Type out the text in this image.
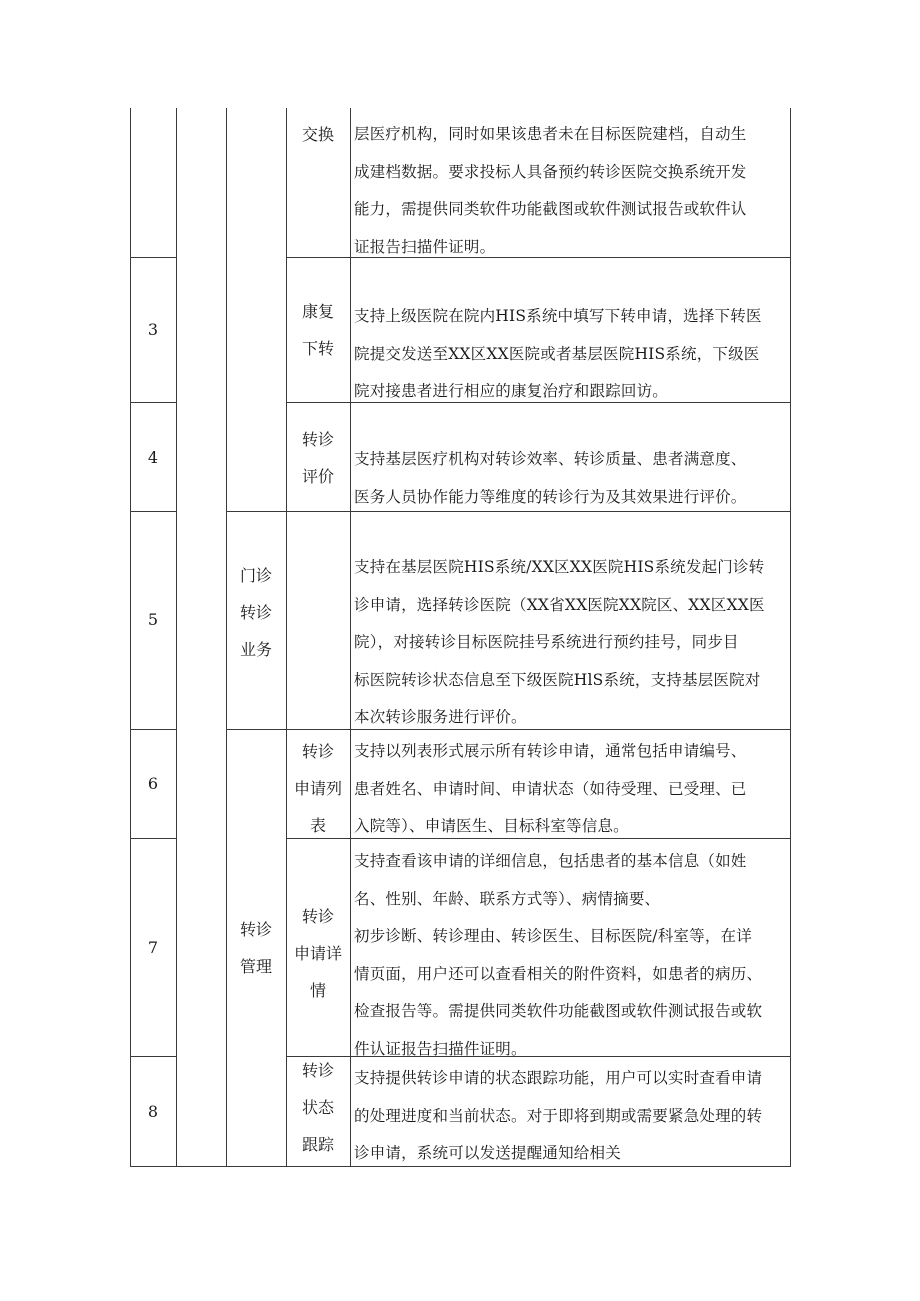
交换	层医疗机构，同时如果该患者未在目标医院建档，自动生
成建档数据。要求投标人具备预约转诊医院交换系统开发
能力，需提供同类软件功能截图或软件测试报告或软件认
证报告扫描件证明。
3
康复
下转
支持上级医院在院内HIS系统中填写下转申请，选择下转医
院提交发送至XX区XX医院或者基层医院HIS系统，下级医
院对接患者进行相应的康复治疗和跟踪回访。
4
转诊
评价
支持基层医疗机构对转诊效率、转诊质量、患者满意度、
医务人员协作能力等维度的转诊行为及其效果进行评价。
5
门诊
转诊
业务
支持在基层医院HIS系统/XX区XX医院HIS系统发起门诊转
诊申请，选择转诊医院（XX省XX医院XX院区、XX区XX医
院），对接转诊目标医院挂号系统进行预约挂号，同步目
标医院转诊状态信息至下级医院HlS系统，支持基层医院对
本次转诊服务进行评价。
6
转诊
申请列
表
支持以列表形式展示所有转诊申请，通常包括申请编号、
患者姓名、申请时间、申请状态（如待受理、已受理、已
入院等）、申请医生、目标科室等信息。
7
转诊
管理
转诊
申请详
情
支持查看该申请的详细信息，包括患者的基本信息（如姓
名、性别、年龄、联系方式等）、病情摘要、
初步诊断、转诊理由、转诊医生、目标医院/科室等，在详
情页面，用户还可以查看相关的附件资料，如患者的病历、
检查报告等。需提供同类软件功能截图或软件测试报告或软
件认证报告扫描件证明。
8
转诊
状态
跟踪
支持提供转诊申请的状态跟踪功能，用户可以实时查看申请
的处理进度和当前状态。对于即将到期或需要紧急处理的转
诊申请，系统可以发送提醒通知给相关
